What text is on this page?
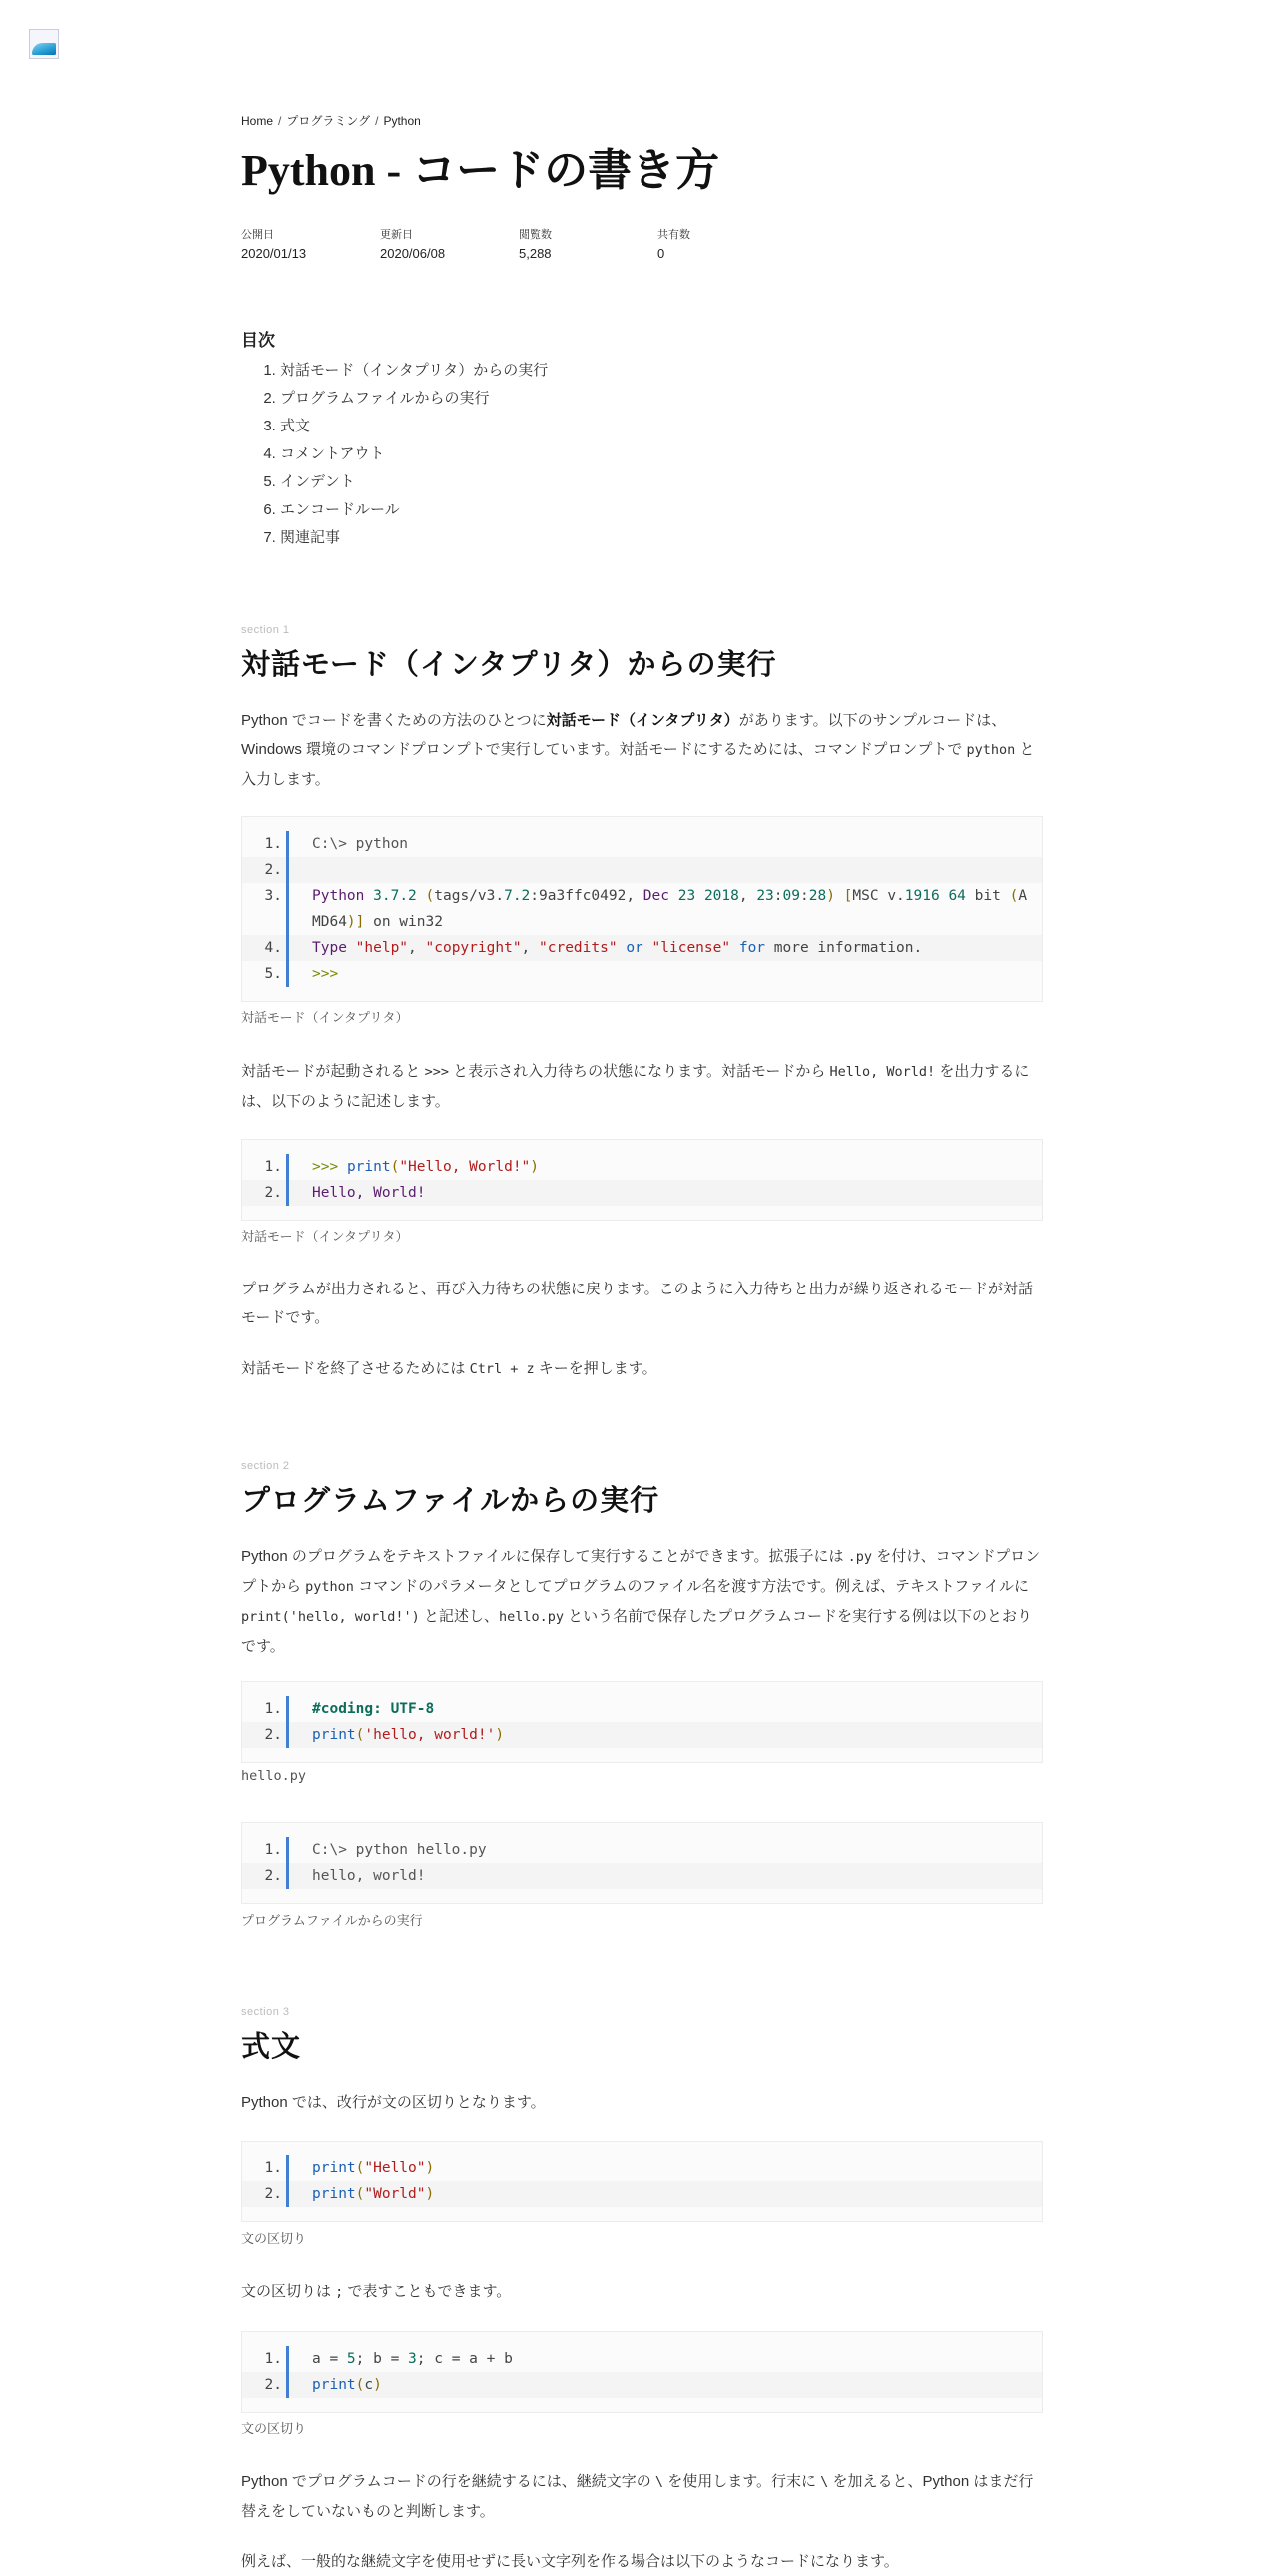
Home / プログラミング / Python
Python - コードの書き方
公開日
2020/01/13
更新日
2020/06/08
閲覧数
5,288
共有数
0
目次
1. 対話モード（インタプリタ）からの実行
2. プログラムファイルからの実行
3. 式文
4. コメントアウト
5. インデント
6. エンコードルール
7. 関連記事
section 1
対話モード（インタプリタ）からの実行

Python でコードを書くための方法のひとつに対話モード（インタプリタ）があります。以下のサンプルコードは、Windows 環境のコマンドプロンプトで実行しています。対話モードにするためには、コマンドプロンプトで python と入力します。

1.	C:\> python
2.
3.	Python 3.7.2 (tags/v3.7.2:9a3ffc0492, Dec 23 2018, 23:09:28) [MSC v.1916 64 bit (AMD64)] on win32
4.	Type "help", "copyright", "credits" or "license" for more information.
5.	>>>
対話モード（インタプリタ）

対話モードが起動されると >>> と表示され入力待ちの状態になります。対話モードから Hello, World! を出力するには、以下のように記述します。

1.	>>> print("Hello, World!")
2.	Hello, World!
対話モード（インタプリタ）

プログラムが出力されると、再び入力待ちの状態に戻ります。このように入力待ちと出力が繰り返されるモードが対話モードです。

対話モードを終了させるためには Ctrl + z キーを押します。

section 2
プログラムファイルからの実行

Python のプログラムをテキストファイルに保存して実行することができます。拡張子には .py を付け、コマンドプロンプトから python コマンドのパラメータとしてプログラムのファイル名を渡す方法です。例えば、テキストファイルに print('hello, world!') と記述し、hello.py という名前で保存したプログラムコードを実行する例は以下のとおりです。

1.	#coding: UTF-8
2.	print('hello, world!')
hello.py
1.	C:\> python hello.py
2.	hello, world!
プログラムファイルからの実行
section 3
式文

Python では、改行が文の区切りとなります。

1.	print("Hello")
2.	print("World")
文の区切り

文の区切りは ; で表すこともできます。

1.	a = 5; b = 3; c = a + b
2.	print(c)
文の区切り

Python でプログラムコードの行を継続するには、継続文字の \ を使用します。行末に \ を加えると、Python はまだ行替えをしていないものと判断します。

例えば、一般的な継続文字を使用せずに長い文字列を作る場合は以下のようなコードになります。
